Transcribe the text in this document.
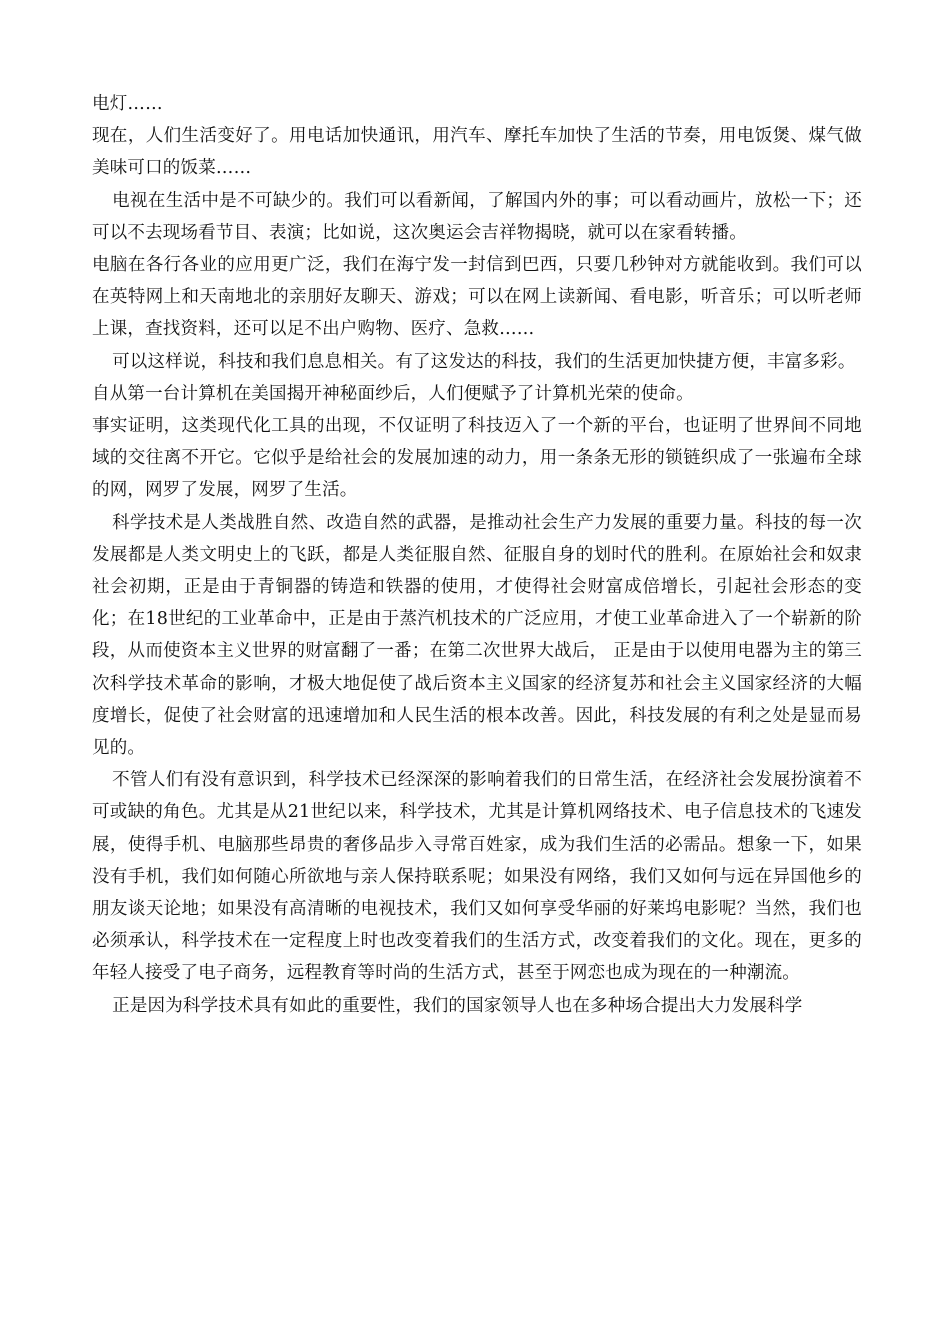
电灯……

现在，人们生活变好了。用电话加快通讯，用汽车、摩托车加快了生活的节奏，用电饭煲、煤气做美味可口的饭菜……

电视在生活中是不可缺少的。我们可以看新闻，了解国内外的事；可以看动画片，放松一下；还可以不去现场看节目、表演；比如说，这次奥运会吉祥物揭晓，就可以在家看转播。

电脑在各行各业的应用更广泛，我们在海宁发一封信到巴西，只要几秒钟对方就能收到。我们可以在英特网上和天南地北的亲朋好友聊天、游戏；可以在网上读新闻、看电影，听音乐；可以听老师上课，查找资料，还可以足不出户购物、医疗、急救……

可以这样说，科技和我们息息相关。有了这发达的科技，我们的生活更加快捷方便，丰富多彩。

自从第一台计算机在美国揭开神秘面纱后，人们便赋予了计算机光荣的使命。

事实证明，这类现代化工具的出现，不仅证明了科技迈入了一个新的平台，也证明了世界间不同地域的交往离不开它。它似乎是给社会的发展加速的动力，用一条条无形的锁链织成了一张遍布全球的网，网罗了发展，网罗了生活。

科学技术是人类战胜自然、改造自然的武器，是推动社会生产力发展的重要力量。科技的每一次发展都是人类文明史上的飞跃，都是人类征服自然、征服自身的划时代的胜利。在原始社会和奴隶社会初期，正是由于青铜器的铸造和铁器的使用，才使得社会财富成倍增长，引起社会形态的变化；在18世纪的工业革命中，正是由于蒸汽机技术的广泛应用，才使工业革命进入了一个崭新的阶段，从而使资本主义世界的财富翻了一番；在第二次世界大战后， 正是由于以使用电器为主的第三次科学技术革命的影响，才极大地促使了战后资本主义国家的经济复苏和社会主义国家经济的大幅度增长，促使了社会财富的迅速增加和人民生活的根本改善。因此，科技发展的有利之处是显而易见的。

不管人们有没有意识到，科学技术已经深深的影响着我们的日常生活，在经济社会发展扮演着不可或缺的角色。尤其是从21世纪以来，科学技术，尤其是计算机网络技术、电子信息技术的飞速发展，使得手机、电脑那些昂贵的奢侈品步入寻常百姓家，成为我们生活的必需品。想象一下，如果没有手机，我们如何随心所欲地与亲人保持联系呢；如果没有网络，我们又如何与远在异国他乡的朋友谈天论地；如果没有高清晰的电视技术，我们又如何享受华丽的好莱坞电影呢？当然，我们也必须承认，科学技术在一定程度上时也改变着我们的生活方式，改变着我们的文化。现在，更多的年轻人接受了电子商务，远程教育等时尚的生活方式，甚至于网恋也成为现在的一种潮流。

正是因为科学技术具有如此的重要性，我们的国家领导人也在多种场合提出大力发展科学
